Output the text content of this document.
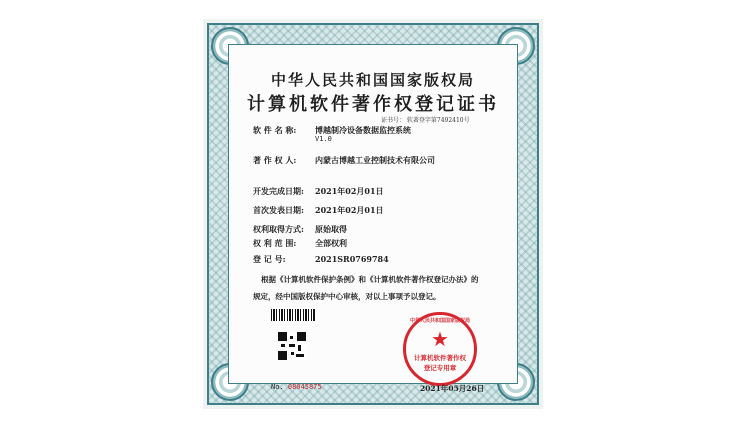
中华人民共和国国家版权局
计算机软件著作权登记证书
证书号： 软著登字第7492410号
软 件 名 称: 博越制冷设备数据监控系统
V1.0
著 作 权 人: 内蒙古博越工业控制技术有限公司
开发完成日期: 2021年02月01日
首次发表日期: 2021年02月01日
权利取得方式: 原始取得
权 利 范 围: 全部权利
登 记 号:	2021SR0769784
根据《计算机软件保护条例》和《计算机软件著作权登记办法》的
规定，经中国版权保护中心审核，对以上事项予以登记。
No. 08045875
中华人民共和国国家版权局
★
计算机软件著作权
登记专用章
2021年05月26日
